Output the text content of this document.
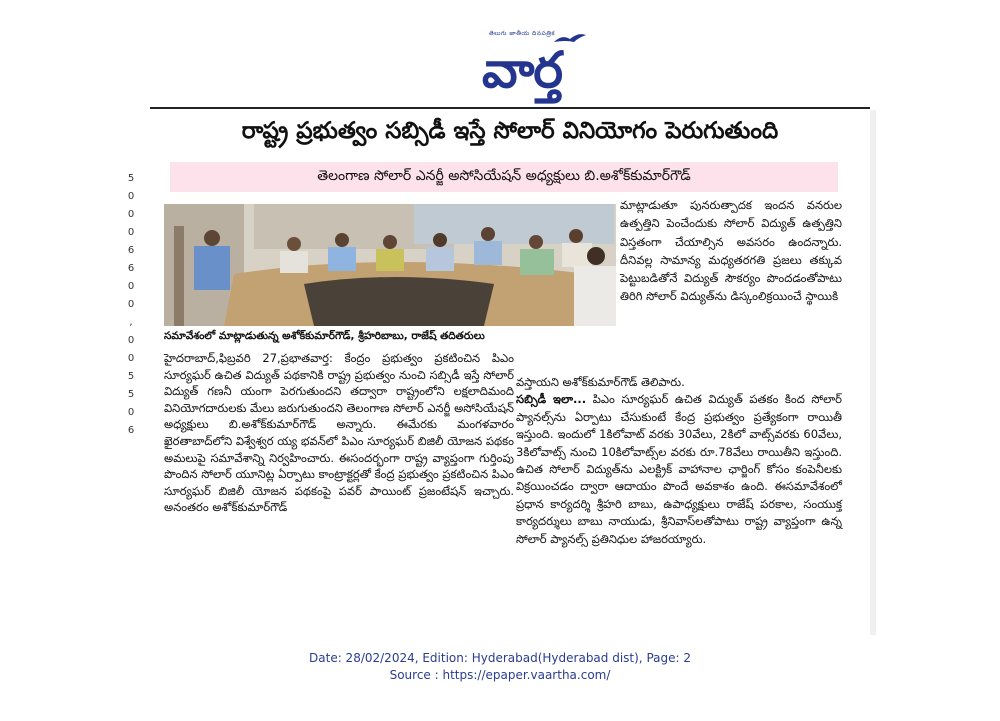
తెలుగు జాతీయ దినపత్రిక
వార్త
5
0
0
0
6
6
0
0
,
0
0
5
5
0
6
రాష్ట్ర ప్రభుత్వం సబ్సిడీ ఇస్తే సోలార్ వినియోగం పెరుగుతుంది
తెలంగాణ సోలార్ ఎనర్జీ అసోసియేషన్ అధ్యక్షులు బి.అశోక్‌కుమార్‌గౌడ్
సమావేశంలో మాట్లాడుతున్న అశోక్‌కుమార్‌గౌడ్, శ్రీహరిబాబు, రాజేష్ తదితరులు
హైదరాబాద్,ఫిబ్రవరి 27,ప్రభాతవార్త: కేంద్రం ప్రభుత్వం ప్రకటించిన పిఎం సూర్యఘర్ ఉచిత విద్యుత్ పథకానికి రాష్ట్ర ప్రభుత్వం నుంచి సబ్సిడీ ఇస్తే సోలార్ విద్యుత్ గణనీ యంగా పెరగుతుందని తద్వారా రాష్ట్రంలోని లక్షలాదిమంది వినియోగదారులకు మేలు జరుగుతుందని తెలంగాణ సోలార్ ఎనర్జీ అసోసియేషన్ అధ్యక్షులు బి.అశోక్‌కుమార్‌గౌడ్ అన్నారు. ఈమేరకు మంగళవారం ఖైరతాబాద్‌లోని విశ్వేశ్వర య్య భవన్‌లో పిఎం సూర్యఘర్ బిజిలీ యోజన పథకం అమలుపై సమావేశాన్ని నిర్వహించారు. ఈసందర్భంగా రాష్ట్ర వ్యాప్తంగా గుర్తింపు పొందిన సోలార్ యూనిట్ల ఏర్పాటు కాంట్రాక్టర్లతో కేంద్ర ప్రభుత్వం ప్రకటించిన పిఎం సూర్యఘర్ బిజిలీ యోజన పథకంపై పవర్ పాయింట్ ప్రజంటేషన్ ఇచ్చారు. అనంతరం అశోక్‌కుమార్‌గౌడ్
మాట్లాడుతూ పునరుత్పాదక ఇందన వనరుల ఉత్పత్తిని పెంచేందుకు సోలార్ విద్యుత్ ఉత్పత్తిని విస్తతంగా చేయాల్సిన అవసరం ఉందన్నారు. దీనివల్ల సామాన్య మధ్యతరగతి ప్రజలు తక్కువ పెట్టుబడితోనే విద్యుత్ సౌకర్యం పొందడంతోపాటు తిరిగి సోలార్ విద్యుత్‌ను డిస్కంలిక్రయించే స్థాయికి
వస్తాయని అశోక్‌కుమార్‌గౌడ్ తెలిపారు.
సబ్సిడీ ఇలా... పిఎం సూర్యఘర్ ఉచిత విద్యుత్ పతకం కింద సోలార్ ప్యానల్స్‌ను ఏర్పాటు చేసుకుంటే కేంద్ర ప్రభుత్వం ప్రత్యేకంగా రాయితీ ఇస్తుంది. ఇందులో 1కిలోవాట్ వరకు 30వేలు, 2కిలో వాట్స్‌వరకు 60వేలు, 3కిలోవాట్స్ నుంచి 10కిలోవాట్స్‌ల వరకు రూ.78వేలు రాయితీని ఇస్తుంది. ఉచిత సోలార్ విద్యుత్‌ను ఎలక్ట్రిక్ వాహానాల ఛార్జింగ్ కోసం కంపెనీలకు విక్రయించడం ద్వారా ఆదాయం పొందే అవకాశం ఉంది. ఈసమావేశంలో ప్రధాన కార్యదర్శి శ్రీహరి బాబు, ఉపాధ్యక్షులు రాజేష్ పరకాల, సంయుక్త కార్యదర్శులు బాబు నాయుడు, శ్రీనివాస్‌లతోపాటు రాష్ట్ర వ్యాప్తంగా ఉన్న సోలార్ ప్యానల్స్ ప్రతినిధుల హాజరయ్యారు.
Date: 28/02/2024, Edition: Hyderabad(Hyderabad dist), Page: 2
Source : https://epaper.vaartha.com/
